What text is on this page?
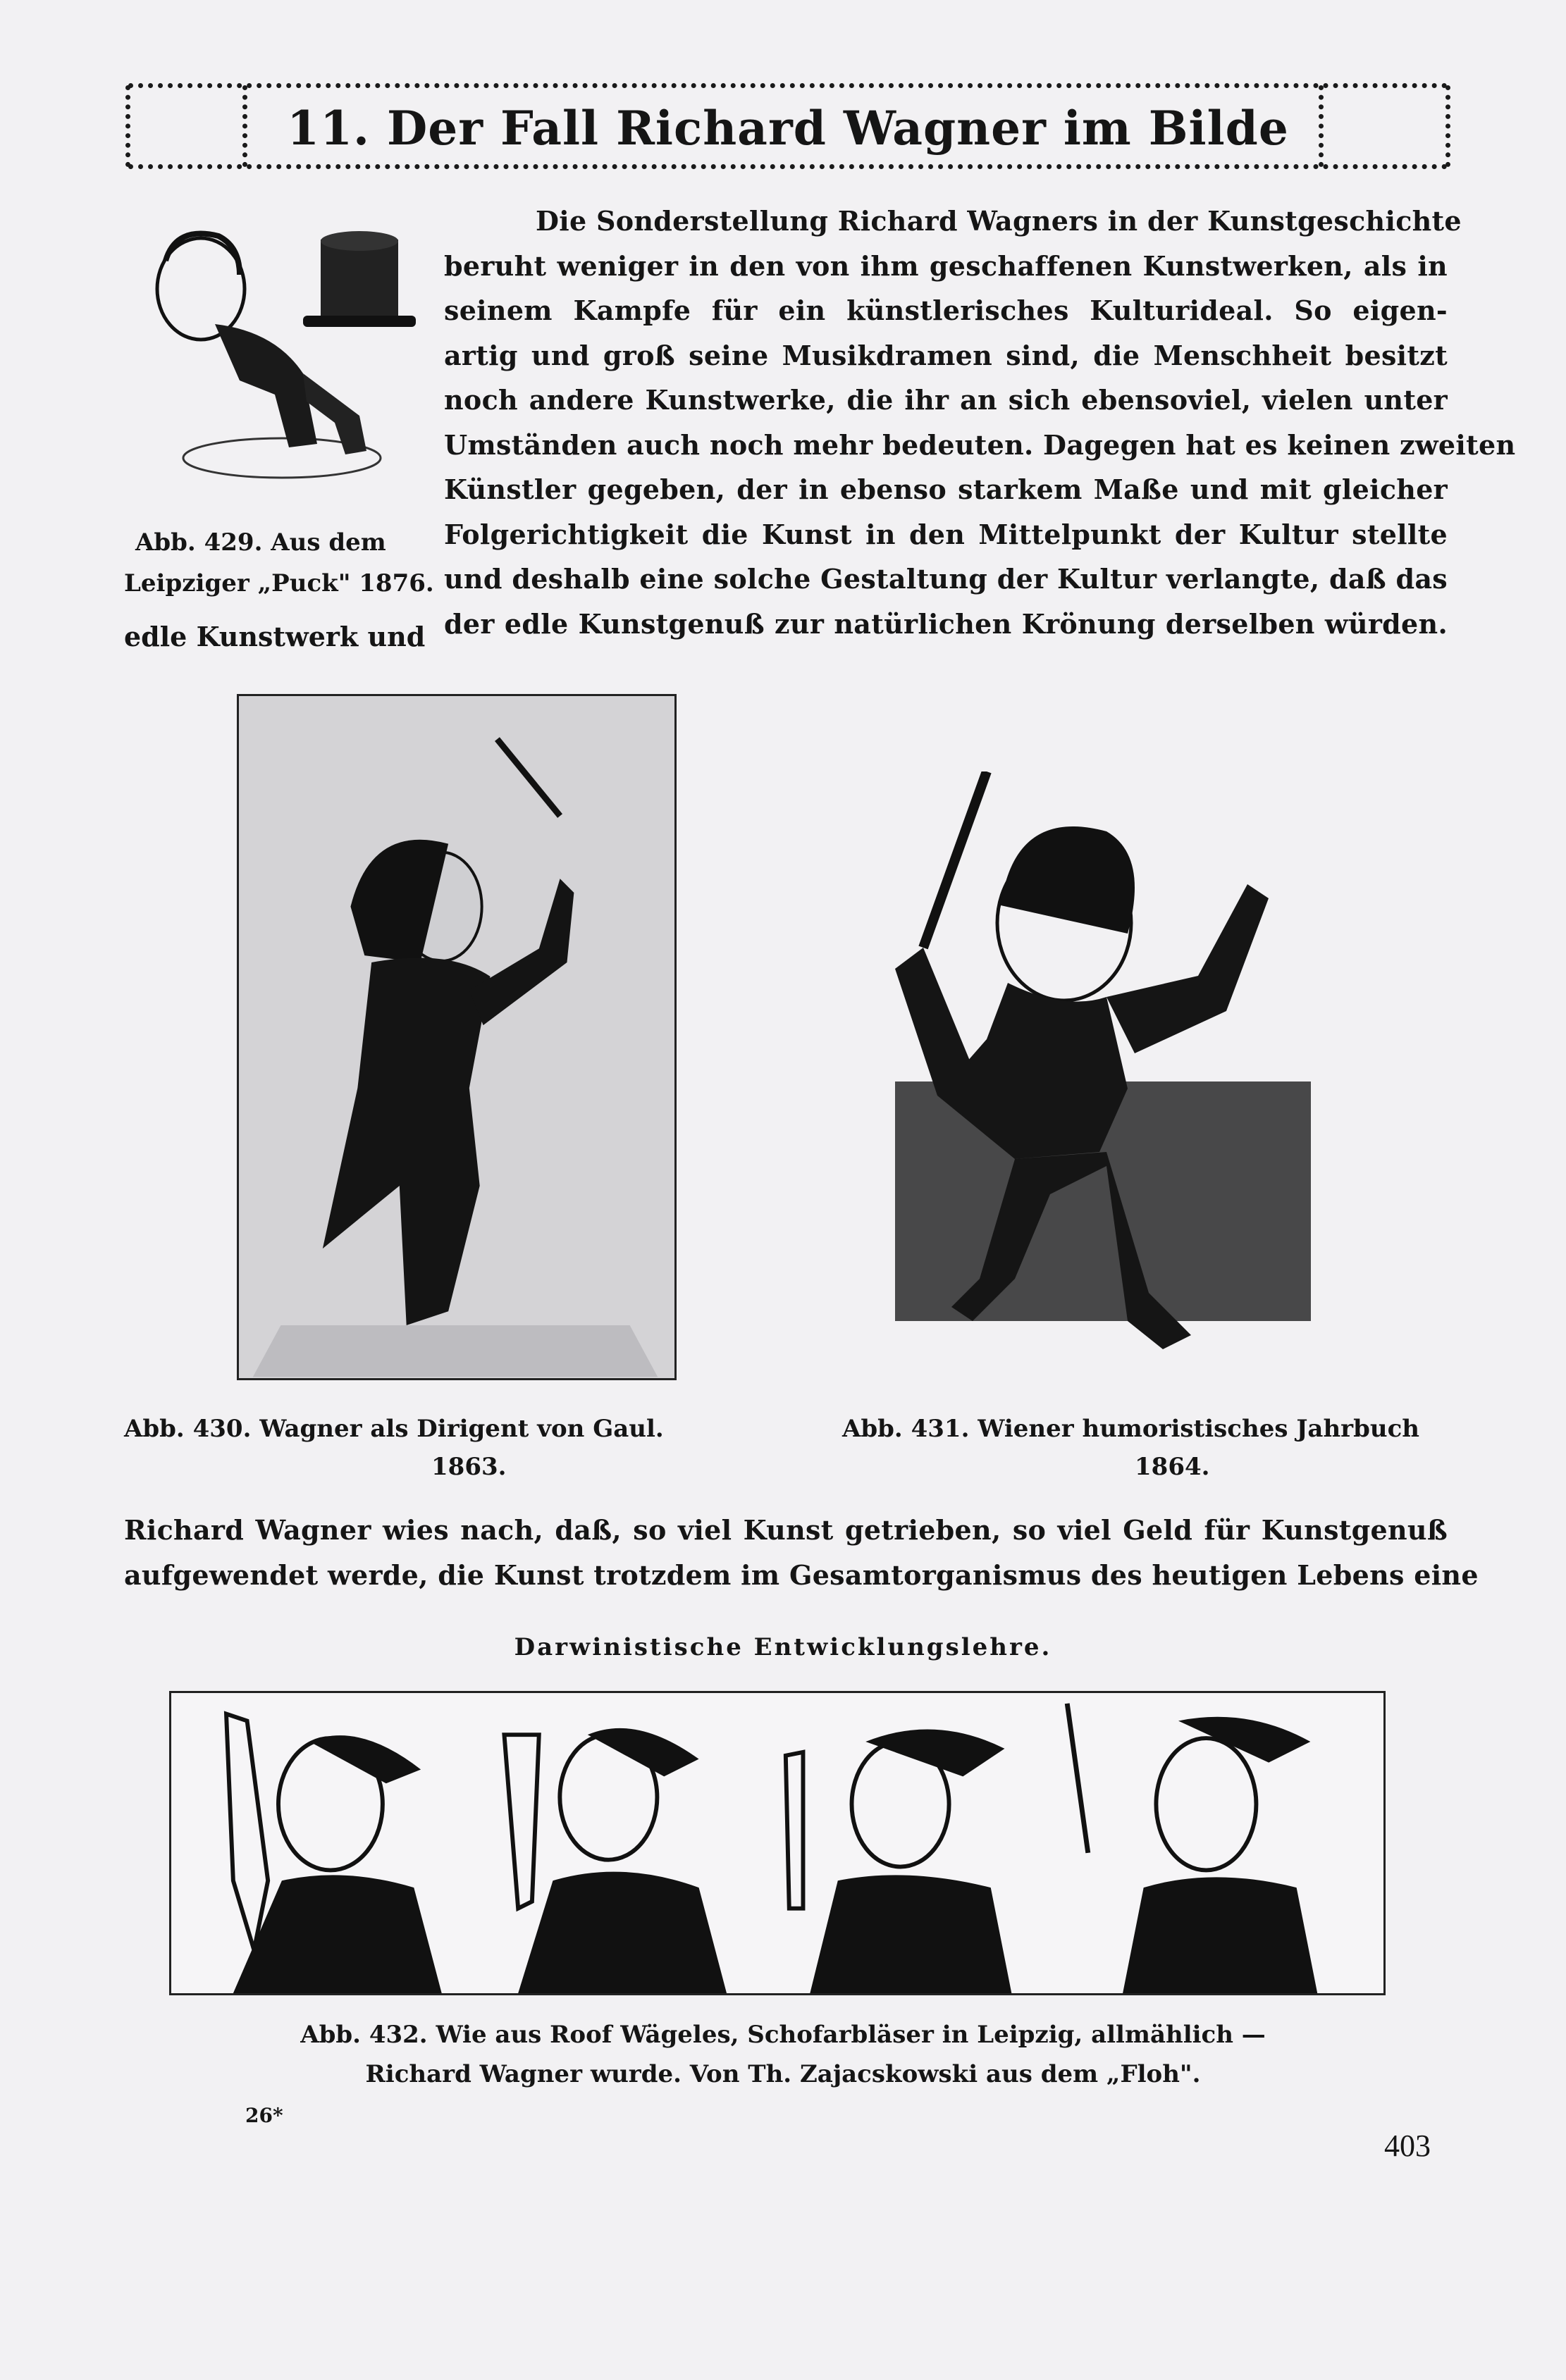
11. Der Fall Richard Wagner im Bilde
Abb. 429. Aus dem
Leipziger „Puck" 1876.
Die Sonderstellung Richard Wagners in der Kunstgeschichte
beruht weniger in den von ihm geschaffenen Kunstwerken, als in
seinem Kampfe für ein künstlerisches Kulturideal. So eigen-
artig und groß seine Musikdramen sind, die Menschheit besitzt
noch andere Kunstwerke, die ihr an sich ebensoviel, vielen unter
Umständen auch noch mehr bedeuten. Dagegen hat es keinen zweiten
Künstler gegeben, der in ebenso starkem Maße und mit gleicher
Folgerichtigkeit die Kunst in den Mittelpunkt der Kultur stellte
und deshalb eine solche Gestaltung der Kultur verlangte, daß das
der edle Kunstgenuß zur natürlichen Krönung derselben würden.
edle Kunstwerk und
Abb. 430. Wagner als Dirigent von Gaul.
1863.
Abb. 431. Wiener humoristisches Jahrbuch
1864.
Richard Wagner wies nach, daß, so viel Kunst getrieben, so viel Geld für Kunstgenuß
aufgewendet werde, die Kunst trotzdem im Gesamtorganismus des heutigen Lebens eine
Darwinistische Entwicklungslehre.
Abb. 432. Wie aus Roof Wägeles, Schofarbläser in Leipzig, allmählich —
Richard Wagner wurde. Von Th. Zajacskowski aus dem „Floh".
26*
403
